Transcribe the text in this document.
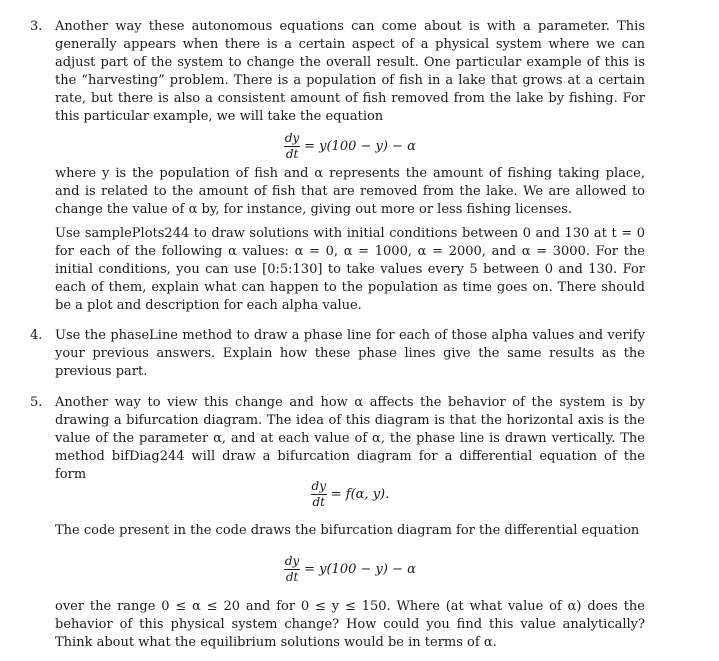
3. Another way these autonomous equations can come about is with a parameter. This generally appears when there is a certain aspect of a physical system where we can adjust part of the system to change the overall result. One particular example of this is the “harvesting” problem. There is a population of fish in a lake that grows at a certain rate, but there is also a consistent amount of fish removed from the lake by fishing. For this particular example, we will take the equation

$\frac{dy}{dt} = y(100 - y) - \alpha$

where y is the population of fish and α represents the amount of fishing taking place, and is related to the amount of fish that are removed from the lake. We are allowed to change the value of α by, for instance, giving out more or less fishing licenses.

Use samplePlots244 to draw solutions with initial conditions between 0 and 130 at t = 0 for each of the following α values: α = 0, α = 1000, α = 2000, and α = 3000. For the initial conditions, you can use [0:5:130] to take values every 5 between 0 and 130. For each of them, explain what can happen to the population as time goes on. There should be a plot and description for each alpha value.

4. Use the phaseLine method to draw a phase line for each of those alpha values and verify your previous answers. Explain how these phase lines give the same results as the previous part.

5. Another way to view this change and how α affects the behavior of the system is by drawing a bifurcation diagram. The idea of this diagram is that the horizontal axis is the value of the parameter α, and at each value of α, the phase line is drawn vertically. The method bifDiag244 will draw a bifurcation diagram for a differential equation of the form

$\frac{dy}{dt} = f(\alpha$, y).

The code present in the code draws the bifurcation diagram for the differential equation

$\frac{dy}{dt} = y(100 - y) - \alpha$

over the range 0 ≤ α ≤ 20 and for 0 ≤ y ≤ 150. Where (at what value of α) does the behavior of this physical system change? How could you find this value analytically? Think about what the equilibrium solutions would be in terms of α.
